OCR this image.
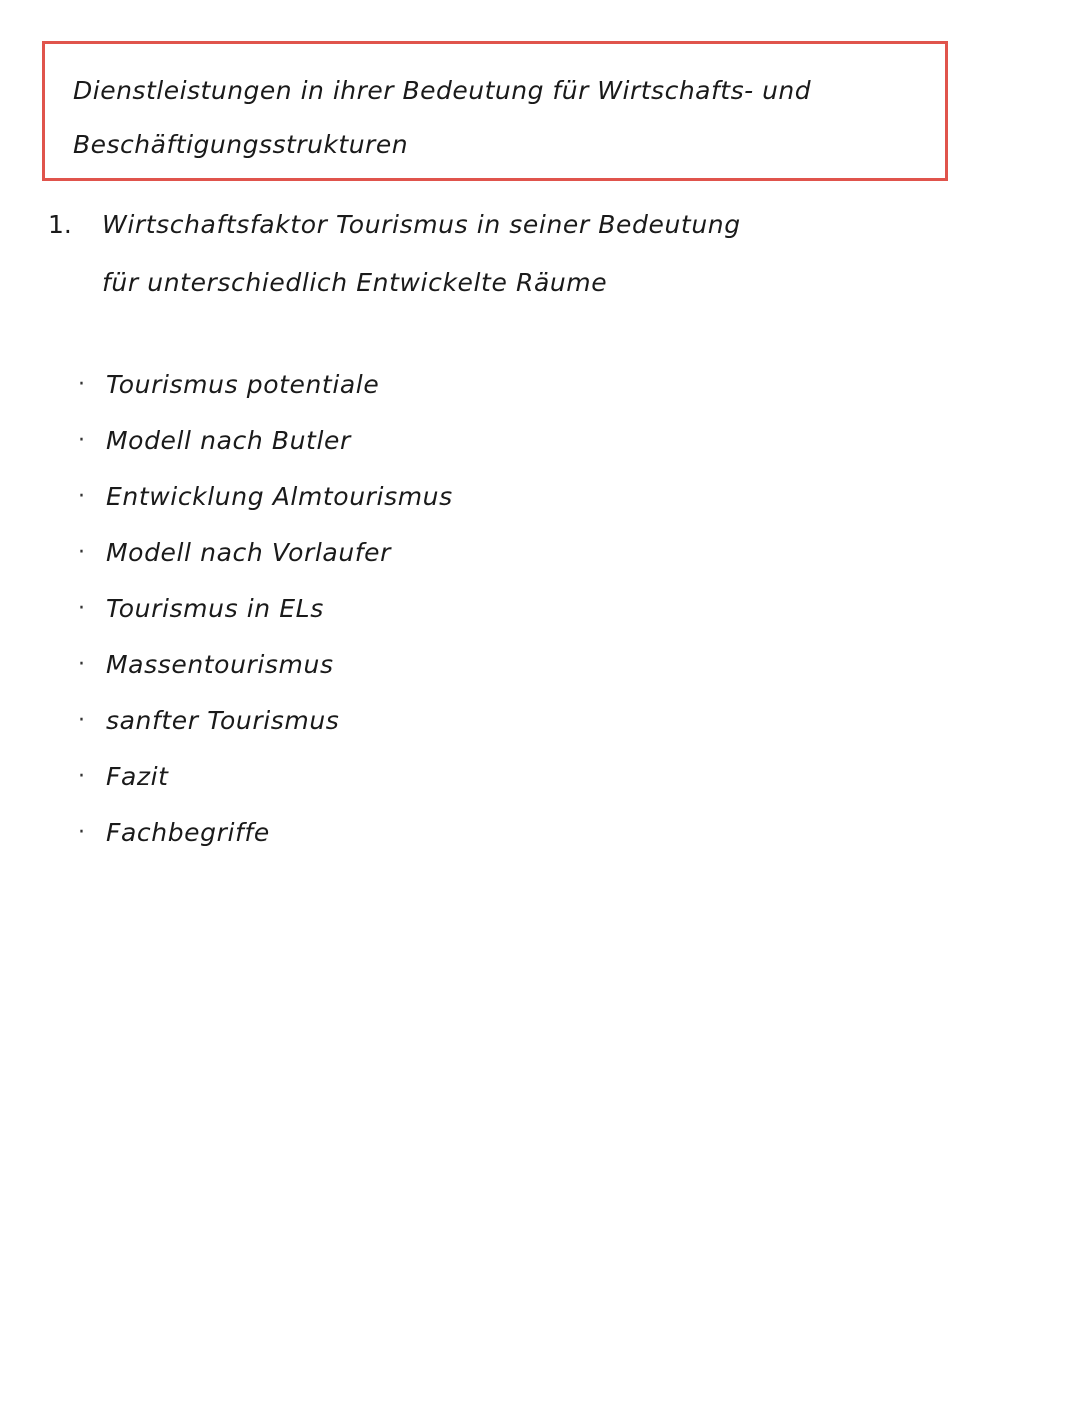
Dienstleistungen in ihrer Bedeutung für Wirtschafts- und
Beschäftigungsstrukturen
1. Wirtschaftsfaktor Tourismus in seiner Bedeutung
für unterschiedlich Entwickelte Räume
· Tourismus potentiale
· Modell nach Butler
· Entwicklung Almtourismus
· Modell nach Vorlaufer
· Tourismus in ELs
· Massentourismus
· sanfter Tourismus
· Fazit
· Fachbegriffe
